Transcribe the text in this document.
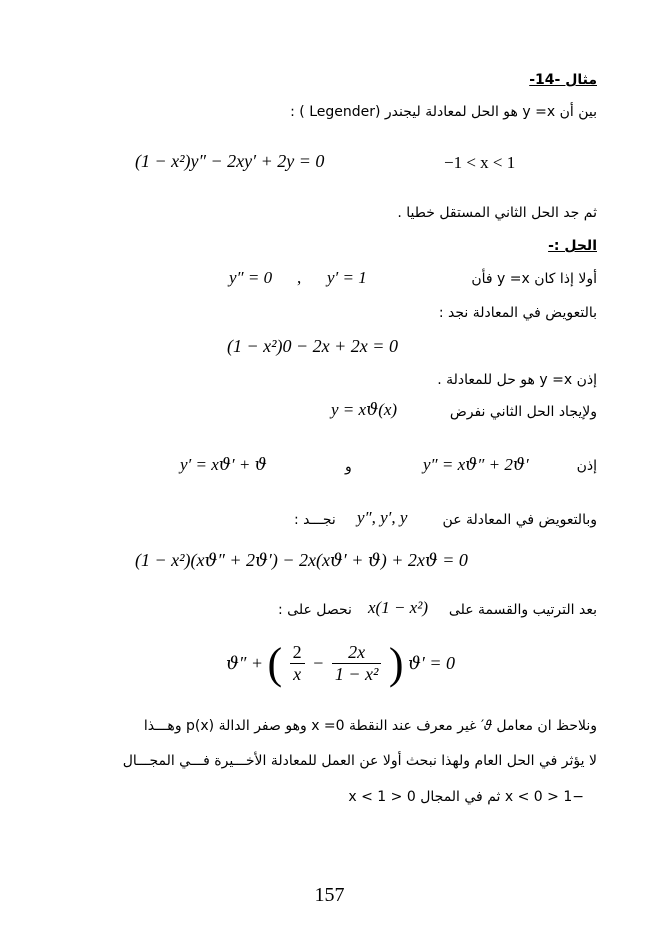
مثال -14-
بين أن y =x هو الحل لمعادلة ليجندر (Legender ) :
(1 − x²)y″ − 2xy′ + 2y = 0	−1 < x < 1
ثم جد الحل الثاني المستقل خطيا .
الحل :-
أولا إذا كان y =x فأن
y′ = 1
,
y″ = 0
بالتعويض في المعادلة نجد :
(1 − x²)0 − 2x + 2x = 0
إذن y =x هو حل للمعادلة .
ولإيجاد الحل الثاني نفرض
y = x𝜗(x)
إذن
y″ = x𝜗″ + 2𝜗′
و
y′ = x𝜗′ + 𝜗
وبالتعويض في المعادلة عن
y″, y′, y
نجـــد :
(1 − x²)(x𝜗″ + 2𝜗′) − 2x(x𝜗′ + 𝜗) + 2x𝜗 = 0
بعد الترتيب والقسمة على
x(1 − x²)
نحصل على :
𝜗″ + ( $\frac{2}{x} - \frac{2x}{\text{1 − x²}}$ ) 𝜗′ = 0
ونلاحظ ان معامل 𝜗′ غير معرف عند النقطة x =0 وهو صفر الدالة p(x) وهـــذا
لا يؤثر في الحل العام ولهذا نبحث أولا عن العمل للمعادلة الأخـــيرة فـــي المجـــال
−1 < x < 0 ثم في المجال 0 < x < 1
157
